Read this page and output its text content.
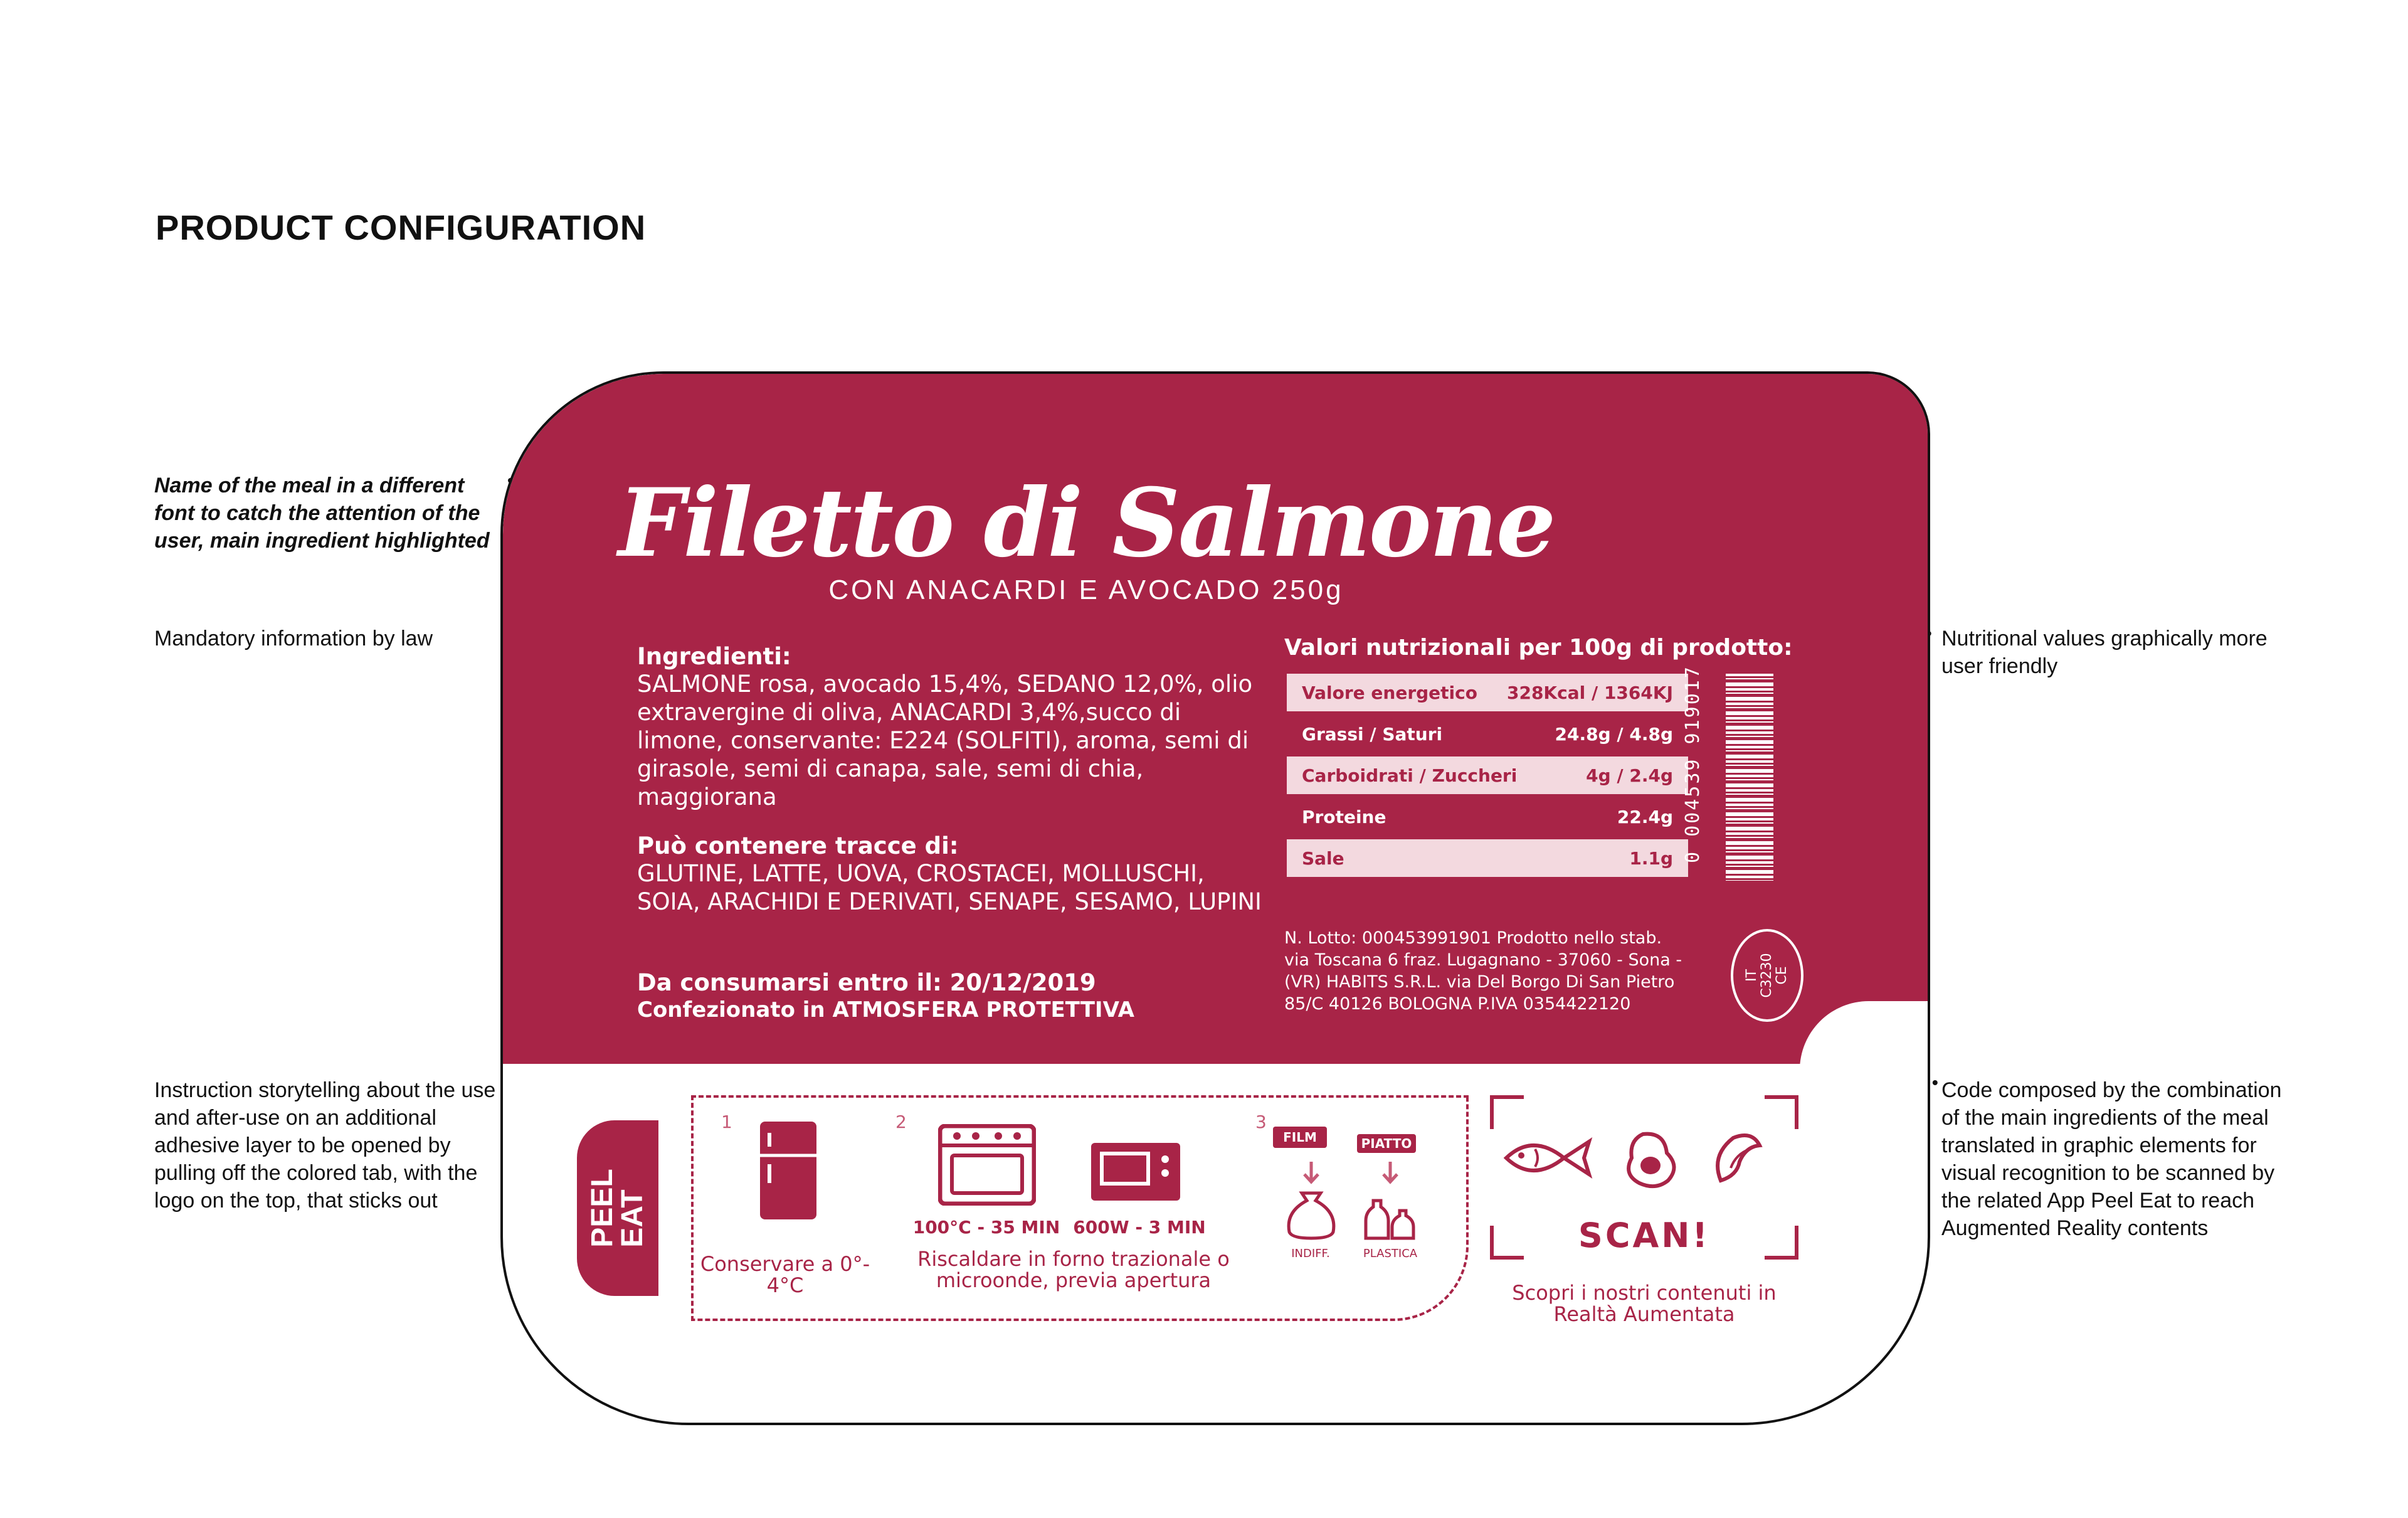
PRODUCT CONFIGURATION
Name of the meal in a different font to catch the attention of the user, main ingredient highlighted
Mandatory information by law
Instruction storytelling about the use and after-use on an additional adhesive layer to be opened by pulling off the colored tab, with the logo on the top, that sticks out
Nutritional values graphically more user friendly
Code composed by the combination of the main ingredients of the meal translated in graphic elements for visual recognition to be scanned by the related App Peel Eat to reach Augmented Reality contents
Filetto di Salmone
CON ANACARDI E AVOCADO 250g
Ingredienti:
SALMONE rosa, avocado 15,4%, SEDANO 12,0%, olio extravergine di oliva, ANACARDI 3,4%,succo di limone, conservante: E224 (SOLFITI), aroma, semi di girasole, semi di canapa, sale, semi di chia, maggiorana
Può contenere tracce di:
GLUTINE, LATTE, UOVA, CROSTACEI, MOLLUSCHI, SOIA, ARACHIDI E DERIVATI, SENAPE, SESAMO, LUPINI
Da consumarsi entro il: 20/12/2019
Confezionato in ATMOSFERA PROTETTIVA
Valori nutrizionali per 100g di prodotto:
Valore energetico 328Kcal / 1364KJ
Grassi / Saturi	24.8g / 4.8g
Carboidrati / Zuccheri	4g / 2.4g
Proteine	22.4g
Sale	1.1g 0 004539 919017
N. Lotto: 000453991901 Prodotto nello stab. via Toscana 6 fraz. Lugagnano - 37060 - Sona - (VR) HABITS S.R.L. via Del Borgo Di San Pietro 85/C 40126 BOLOGNA P.IVA 0354422120
IT C3230 CE
PEEL
EAT
1
Conservare a 0°- 4°C
2
100°C - 35 MIN 600W - 3 MIN
Riscaldare in forno trazionale o microonde, previa apertura
3
FILM	PIATTO
INDIFF.	PLASTICA	SCAN!
Scopri i nostri contenuti in Realtà Aumentata
